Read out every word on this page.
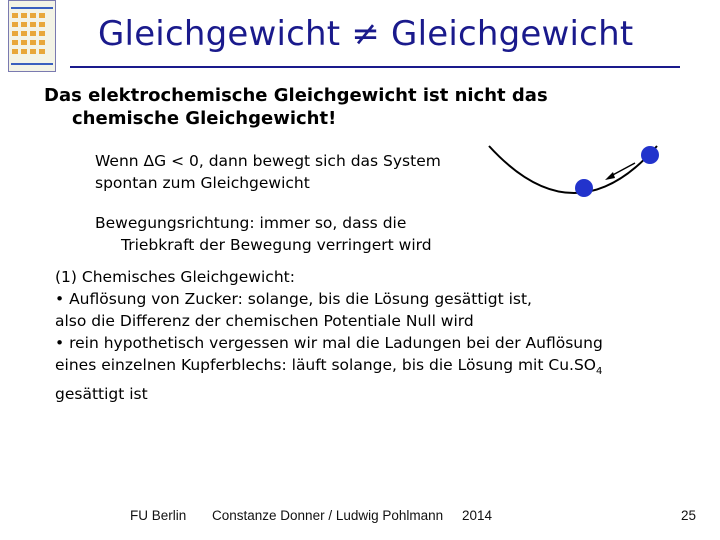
Gleichgewicht ≠ Gleichgewicht
Das elektrochemische Gleichgewicht ist nicht das
chemische Gleichgewicht!
Wenn ΔG < 0, dann bewegt sich das System
spontan zum Gleichgewicht
Bewegungsrichtung: immer so, dass die
Triebkraft der Bewegung verringert wird
(1) Chemisches Gleichgewicht:
• Auflösung von Zucker: solange, bis die Lösung gesättigt ist,
also die Differenz der chemischen Potentiale Null wird
• rein hypothetisch vergessen wir mal die Ladungen bei der Auflösung
eines einzelnen Kupferblechs: läuft solange, bis die Lösung mit $Cu.SO_4$
gesättigt ist
FU Berlin Constanze Donner / Ludwig Pohlmann 2014	25
